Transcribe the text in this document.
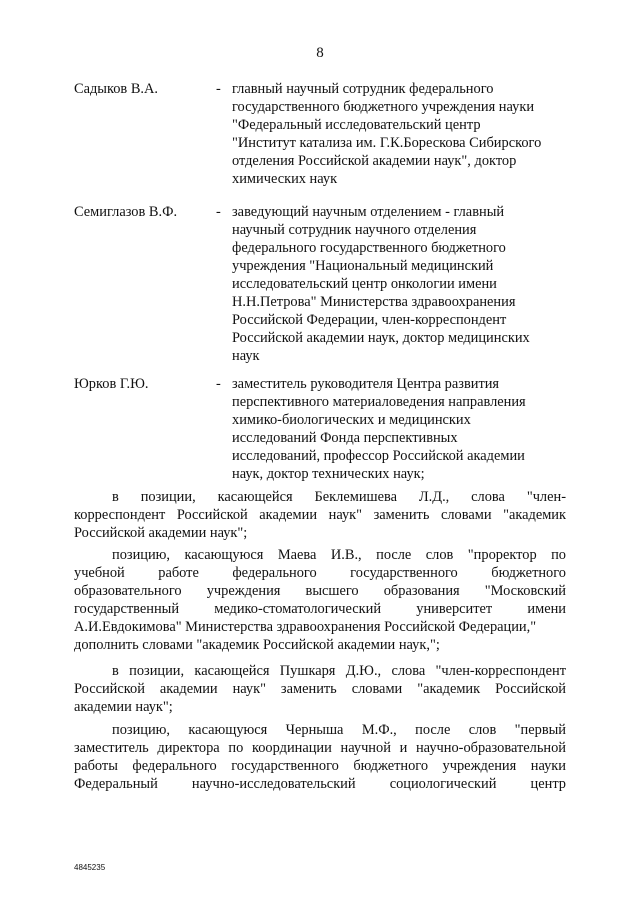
8
Садыков В.А.	- главный научный сотрудник федерального
государственного бюджетного учреждения науки
"Федеральный исследовательский центр
"Институт катализа им. Г.К.Борескова Сибирского
отделения Российской академии наук", доктор
химических наук
Семиглазов В.Ф.	- заведующий научным отделением - главный
научный сотрудник научного отделения
федерального государственного бюджетного
учреждения "Национальный медицинский
исследовательский центр онкологии имени
Н.Н.Петрова" Министерства здравоохранения
Российской Федерации, член-корреспондент
Российской академии наук, доктор медицинских
наук
Юрков Г.Ю.	- заместитель руководителя Центра развития
перспективного материаловедения направления
химико-биологических и медицинских
исследований Фонда перспективных
исследований, профессор Российской академии
наук, доктор технических наук;
в позиции, касающейся Беклемишева Л.Д., слова "член-
корреспондент Российской академии наук" заменить словами "академик
Российской академии наук";
позицию, касающуюся Маева И.В., после слов "проректор по
учебной работе федерального государственного бюджетного
образовательного учреждения высшего образования "Московский
государственный медико-стоматологический университет имени
А.И.Евдокимова" Министерства здравоохранения Российской Федерации,"
дополнить словами "академик Российской академии наук,";
в позиции, касающейся Пушкаря Д.Ю., слова "член-корреспондент
Российской академии наук" заменить словами "академик Российской
академии наук";
позицию, касающуюся Черныша М.Ф., после слов "первый
заместитель директора по координации научной и научно-образовательной
работы федерального государственного бюджетного учреждения науки
Федеральный научно-исследовательский социологический центр
4845235
